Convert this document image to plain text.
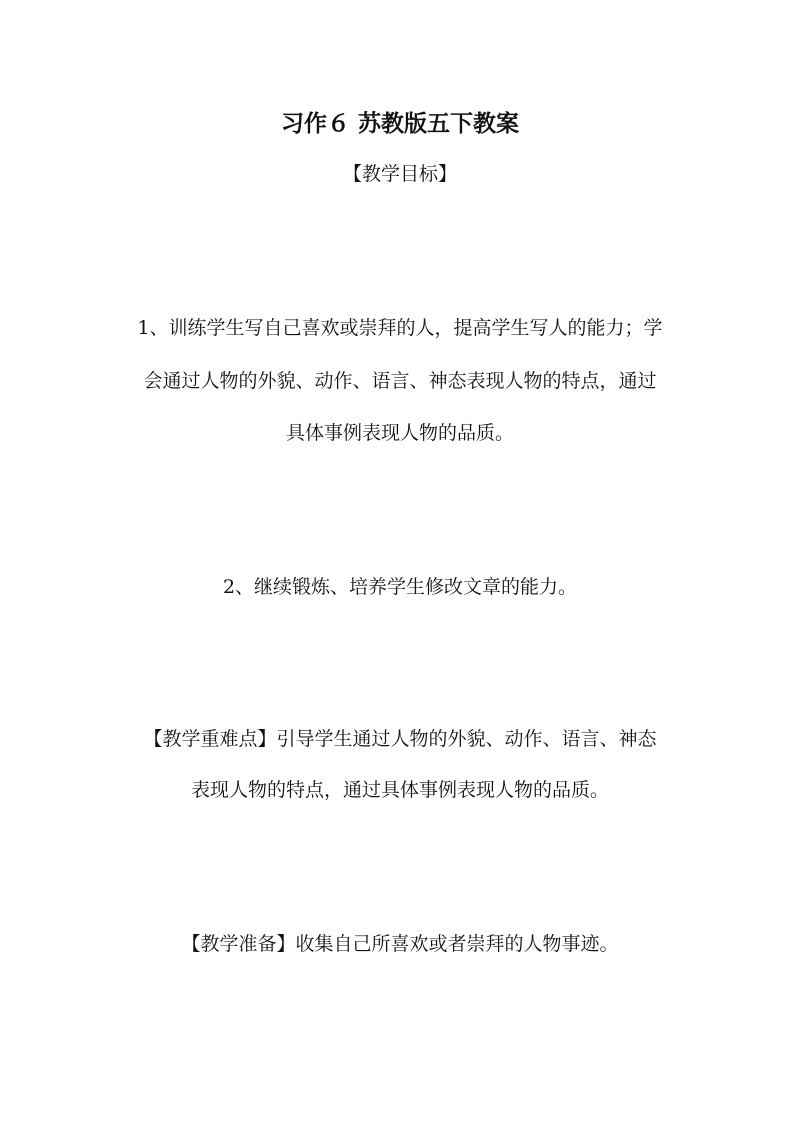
习作６ 苏教版五下教案
【教学目标】
1、训练学生写自己喜欢或崇拜的人，提高学生写人的能力；学
会通过人物的外貌、动作、语言、神态表现人物的特点，通过
具体事例表现人物的品质。
2、继续锻炼、培养学生修改文章的能力。
【教学重难点】引导学生通过人物的外貌、动作、语言、神态
表现人物的特点，通过具体事例表现人物的品质。
【教学准备】收集自己所喜欢或者崇拜的人物事迹。
